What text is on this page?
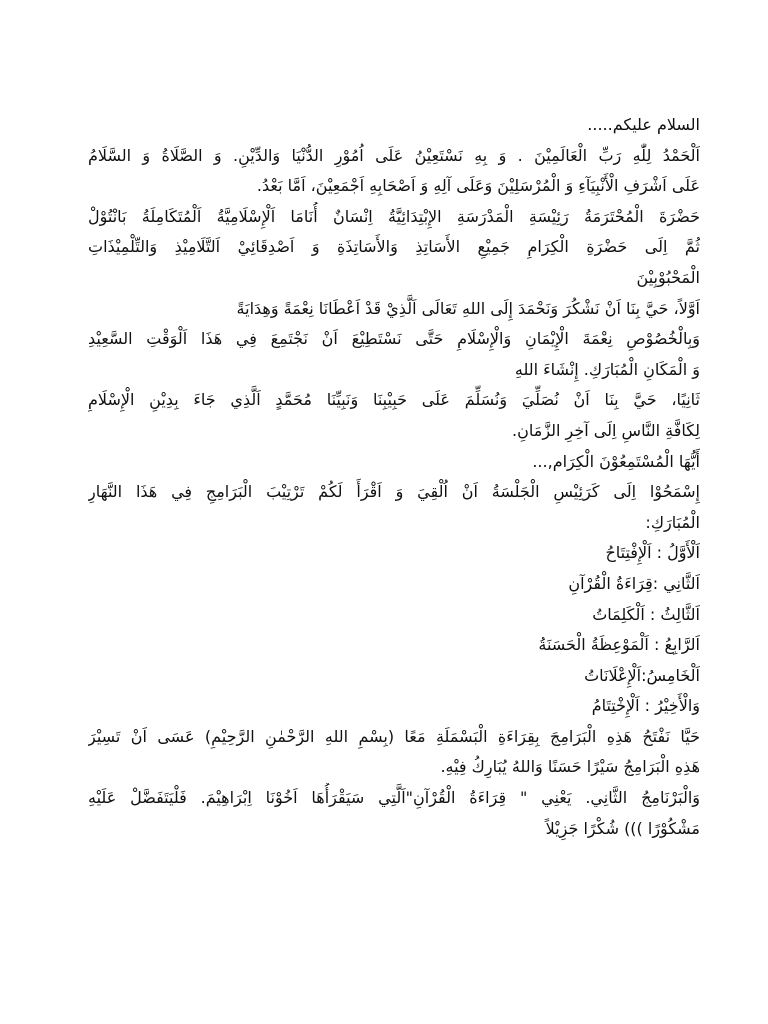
السلام عليكم.....
اَلْحَمْدُ لِلّٰهِ رَبِّ الْعَالَمِيْنَ . وَ بِهِ نَسْتَعِيْنُ عَلَى اُمُوْرِ الدُّنْيَا وَالدِّيْنِ. وَ الصَّلَاةُ وَ السَّلَامُ
عَلَى اَشْرَفِ الْأَنْبِيَآءِ وَ الْمُرْسَلِيْنَ وَعَلَى آلِهِ وَ اَصْحَابِهِ اَجْمَعِيْنَ، اَمَّا بَعْدُ.
حَضْرَةَ الْمُحْتَرَمَةُ رَئِيْسَةِ الْمَدْرَسَةِ الإِبْتِدَائِيَّةُ اِنْسَانٌ أُنَامَا اَلْإِسْلَامِيَّةُ اَلْمُتَكَامِلَةُ بَانْتُوْلْ
ثُمَّ اِلَى حَضْرَةِ الْكِرَامِ جَمِيْعِ الأَسَاتِذِ وَالأَسَاتِذَةِ وَ اَصْدِقَائِيْ اَلتَّلَامِيْذِ وَالتِّلْمِيْذَاتِ
الْمَحْبُوْبِيْنَ
اَوَّلاً، حَيَّ بِنَا اَنْ نَشْكُرَ وَنَحْمَدَ إِلَى اللهِ تَعَالَى اَلَّذِيْ قَدْ اَعْطَانَا نِعْمَةً وَهِدَايَةً
وَبِالْخُصُوْصِ نِعْمَةَ الْإِيْمَانِ وَالْإِسْلَامِ حَتَّى نَسْتَطِيْعَ اَنْ نَجْتَمِعَ فِي هَذَا اَلْوَقْتِ السَّعِيْدِ
وَ الْمَكَانِ الْمُبَارَكِ. إِنْشَاءَ اللهِ
ثَانِيًا، حَيَّ بِنَا اَنْ نُصَلِّيَ وَنُسَلِّمَ عَلَى حَبِيْبِنَا وَنَبِيِّنَا مُحَمَّدٍ اَلَّذِي جَاءَ بِدِيْنِ الْإِسْلَامِ
لِكَافَّةِ النَّاسِ اِلَى آخِرِ الزَّمَانِ.
أَيُّهَا الْمُسْتَمِعُوْنَ الْكِرَام,...
إِسْمَحُوْا اِلَى كَرَئِيْسِ الْجَلْسَةُ اَنْ اُلْقِيَ وَ اَقْرَأَ لَكُمْ تَرْتِيْبَ الْبَرَامِجِ فِي هَذَا النَّهَارِ
الْمُبَارَكِ:
اَلْأَوَّلُ : اَلْإِفْتِتَاحُ
اَلثَّانِي :قِرَاءَةُ الْقُرْآنِ
اَلثَّالِثُ : اَلْكَلِمَاتُ
اَلرَّابِعُ : اَلْمَوْعِظَةُ الْحَسَنَةُ
اَلْخَامِسُ:اَلْإِعْلَانَاتُ
وَالْأَخِيْرُ : اَلْإِخْتِتَامُ
حَيَّا نَفْتَحُ هَذِهِ الْبَرَامِجَ بِقِرَاءَةِ الْبَسْمَلَةِ مَعًا (بِسْمِ اللهِ الرَّحْمٰنِ الرَّحِيْمِ) عَسَى اَنْ تَسِيْرَ
هَذِهِ الْبَرَامِجُ سَيْرًا حَسَنًا وَاللهُ يُبَارِكُ فِيْهِ.
وَالْبَرْنَامِجُ الثَّانِي. يَعْنِي " قِرَاءَةُ الْقُرْآنِ"اَلَّتِي سَيَقْرَأُهَا اَخُوْنَا اِبْرَاهِيْمَ. فَلْيَتَفَضَّلْ عَلَيْهِ
مَشْكُوْرًا ))) شُكْرًا جَزِيْلاً
